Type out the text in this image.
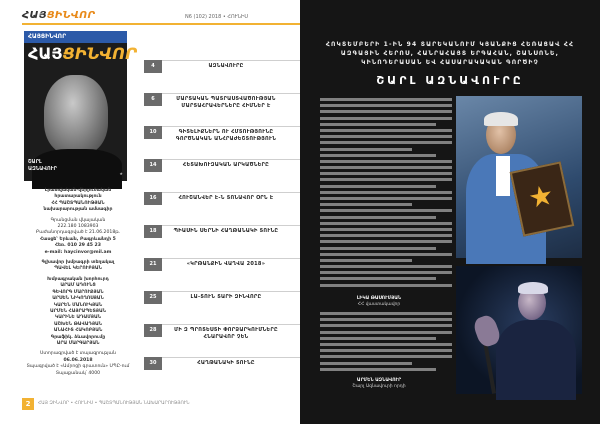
ՀԱՅՑԻՆՎՈՐ	N6 (102) 2018 • ՀՈՒՆԻՍ
ՀԱՅՑԻՆՎՈՐ
ՀԱՅՑԻՆՎՈՐ
ՇԱՐԼ
ԱԶՆԱՎՈՒՐ
★
Լրատվական-վերլուծական
հրատարակություն
ՀՀ ՊԱՇՏՊԱՆՈՒԹՅԱՆ
նախարարության ամսագիր
Գրանցման վկայական
222.180 1083903
Բաժանորդագրված է 21.06.2018թ.
Հասցե՝ Երևան, Բագրևանդի 5
Հեռ. 010 29 45 23
e-mail: haycinvor@mil.am
Գլխավոր խմբագրի տեղակալ
ՊԱՎԵԼ ԿԵՐՈՒԲՅԱՆ
Խմբագրական խորհուրդ
ԱՐԱՄ ԱԴՈՒՆՑ
ԳԵՎՈՐԳ ՄԱՐՈՒՔՅԱՆ
ԱՐՍԵՆ ՆԻԿՈՂՈՍՅԱՆ
ԿԱՐԵՆ ՄԱՆՈՒԿՅԱՆ
ԱՐՄԵՆ ՀԱՅՐԱՊԵՏՅԱՆ
ԿԱՐԻՆԵ ԱԴԱՄՅԱՆ
ԱՇԽԵՆ ԹԱՎԱԴՅԱՆ
ԱՆԱՀԻՏ ՀԱԿՈԲՅԱՆ
Գրաֆիկ. ձևավորումը
ԱՐԱ ՄԱՐԳԱՐՅԱՆ
Ստորագրված է տպագրության
06.06.2018
Տպագրված է «Ամրոցի գրատուն» ՍՊԸ-ում
Տպաքանակ՝ 4000
4	ԱԶՆԱՎՈՒՐԸ
6	ՄԱՐՏԱԿԱՆ ՊԱՏՐԱՍՏՎԱԾՈՒԹՅԱՆ ՄԱՐՏԱՀՐԱՎԵՐՆԵՐԸ ՀԻՄՆԵՐ Է
10	ԳԻՏԵԼԻՔՆԵՐՆ ՈՒ ՀՄՏՈՒԹՅՈՒՆԸ ԳՈՐԾՆԱԿԱՆ ԱՆՀՐԱԺԵՇՏՈՒԹՅՈՒՆ
14	ՀԵՏԱԽՈՒԶԱԿԱՆ ԱՐԿԱԾՆԵՐԸ
16	ՀՈՒՇԱՆՎԵՐ Է-Ն ՏՈՆԱՎՈՐ ՕՐՆ Է
18	ՊԻԱՍԻՆ ՍԵՐՆԻ ՀԱՂԹԱՆԱԿԻ ՏՈՒՆԸ
21	«ԿՐԹԱՆՔԻՆ ՎԱՂՎԱ 2018»
25	ԼԱ-ՏՈՒՆ ՏԱՐԻ ԶԻՆՎՈՐԸ
28	ՄԻ Զ ՊՐՈՏԵՍՏԻ ՓՈՐՁԱՐԿՈՒՄՆԵՐԸ ՀՆԱՐԱՎՈՐ ՉԵՆ
30	ՀԱՂԹԱՆԱԿԻ ՏՈՒՆԸ
2	ՀԱՅ ԶԻՆՎՈՐ • ՀՈՒՆԻՍ • ՊԱՇՏՊԱՆՈՒԹՅԱՆ ՆԱԽԱՐԱՐՈՒԹՅՈՒՆ
ՀՈԿՏԵՄԲԵՐԻ 1-ԻՆ 94 ՏԱՐԵԿԱՆՈՒՄ ԿՅԱՆՔԻՑ ՀԵՌԱՑԱՎ ՀՀ ԱԶԳԱՅԻՆ ՀԵՐՈՍ, ՀԱՆՐԱՀԱՅՏ ԵՐԳԱՀԱՆ, ՇԱՆՍՈՆԵ, ԿԻՆՈԴԵՐԱՍԱՆ ԵՎ ՀԱՍԱՐԱԿԱԿԱՆ ԳՈՐԾԻՉ
ՇԱՐԼ ԱԶՆԱՎՈՒՐԸ
ԼԻԿԱ ԹԱՍՈՒՄՅԱՆ
ՀՀ վաստակավոր
ԱՐՄԵՆ ԱԶՆԱՎՈՒՐ
Շարլ Ազնավուրի որդի
★
